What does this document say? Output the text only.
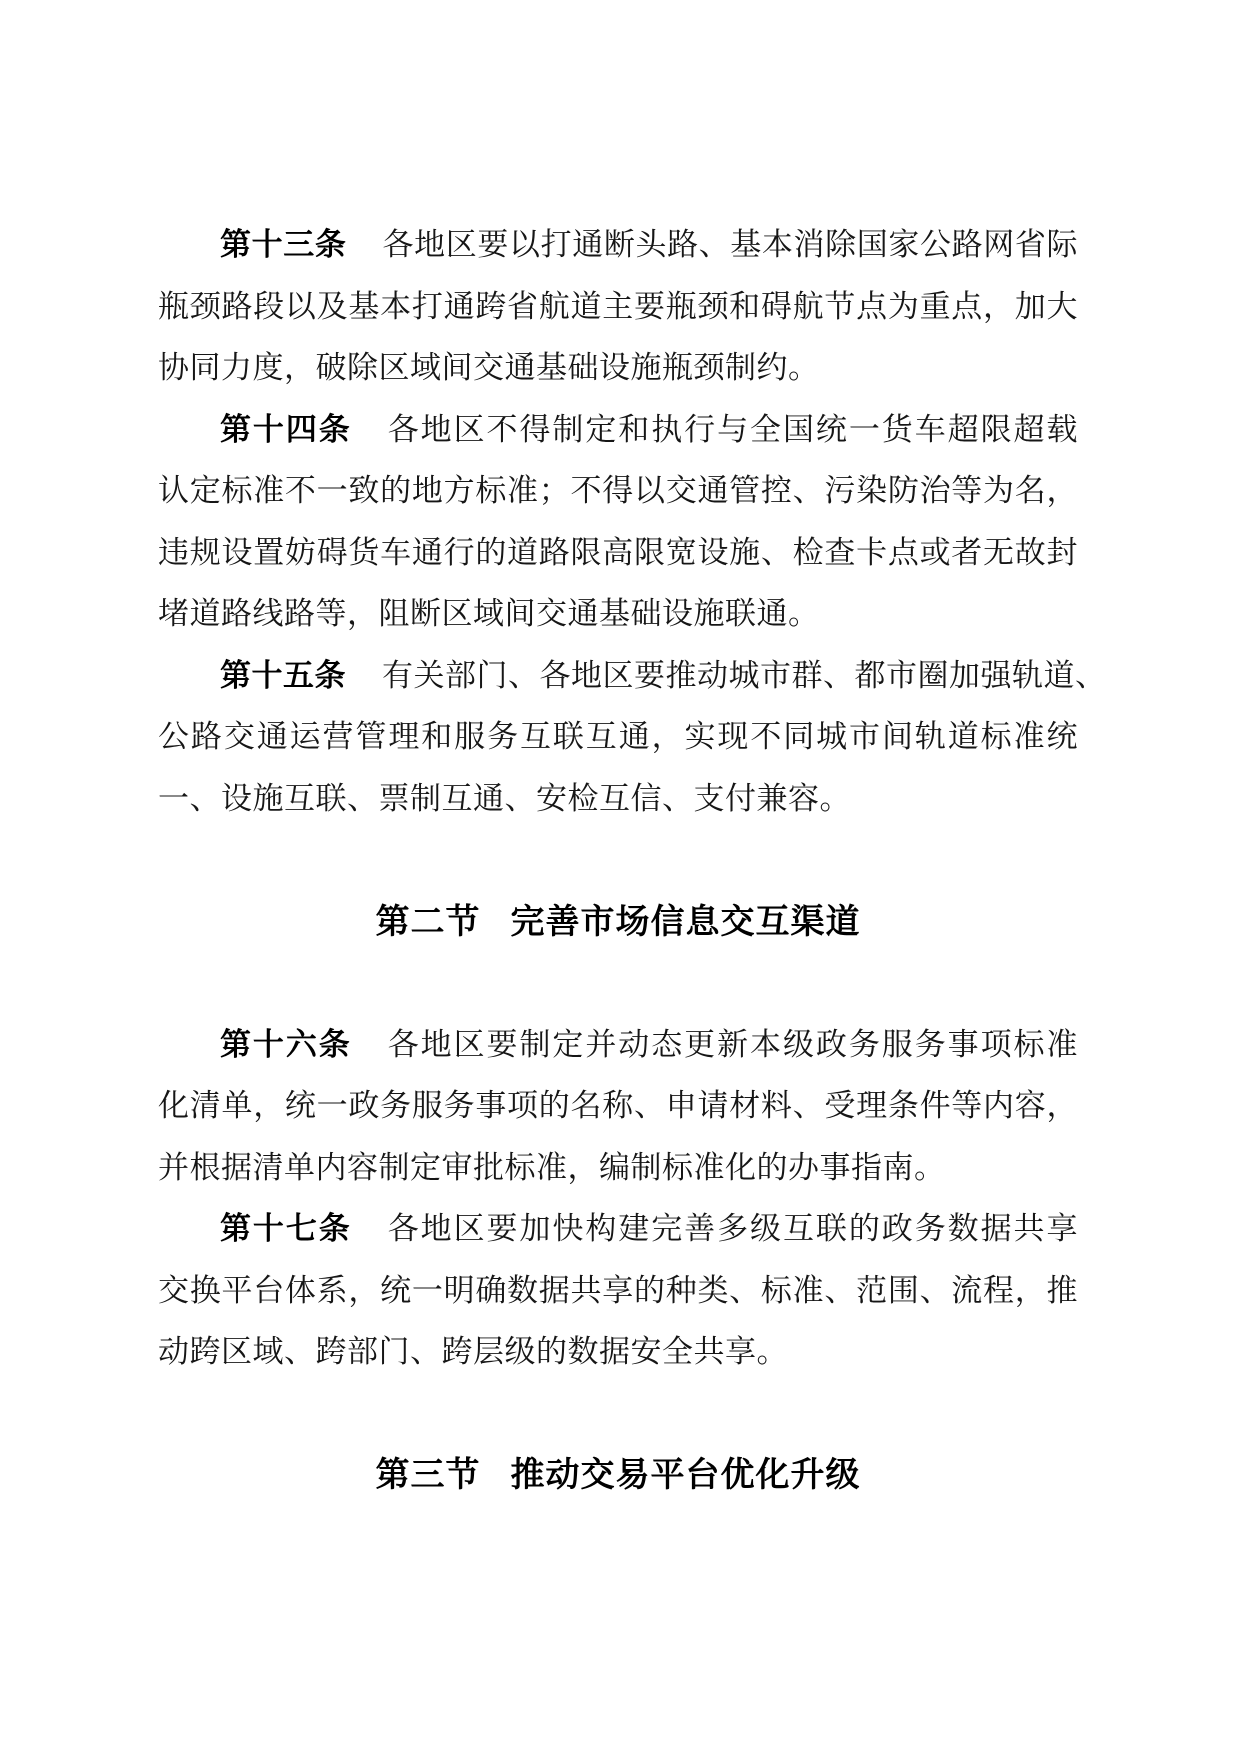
第十三条 各地区要以打通断头路、基本消除国家公路网省际
瓶颈路段以及基本打通跨省航道主要瓶颈和碍航节点为重点，加大
协同力度，破除区域间交通基础设施瓶颈制约。
第十四条 各地区不得制定和执行与全国统一货车超限超载
认定标准不一致的地方标准；不得以交通管控、污染防治等为名，
违规设置妨碍货车通行的道路限高限宽设施、检查卡点或者无故封
堵道路线路等，阻断区域间交通基础设施联通。
第十五条 有关部门、各地区要推动城市群、都市圈加强轨道、
公路交通运营管理和服务互联互通，实现不同城市间轨道标准统
一、设施互联、票制互通、安检互信、支付兼容。
第二节 完善市场信息交互渠道
第十六条 各地区要制定并动态更新本级政务服务事项标准
化清单，统一政务服务事项的名称、申请材料、受理条件等内容，
并根据清单内容制定审批标准，编制标准化的办事指南。
第十七条 各地区要加快构建完善多级互联的政务数据共享
交换平台体系，统一明确数据共享的种类、标准、范围、流程，推
动跨区域、跨部门、跨层级的数据安全共享。
第三节 推动交易平台优化升级
